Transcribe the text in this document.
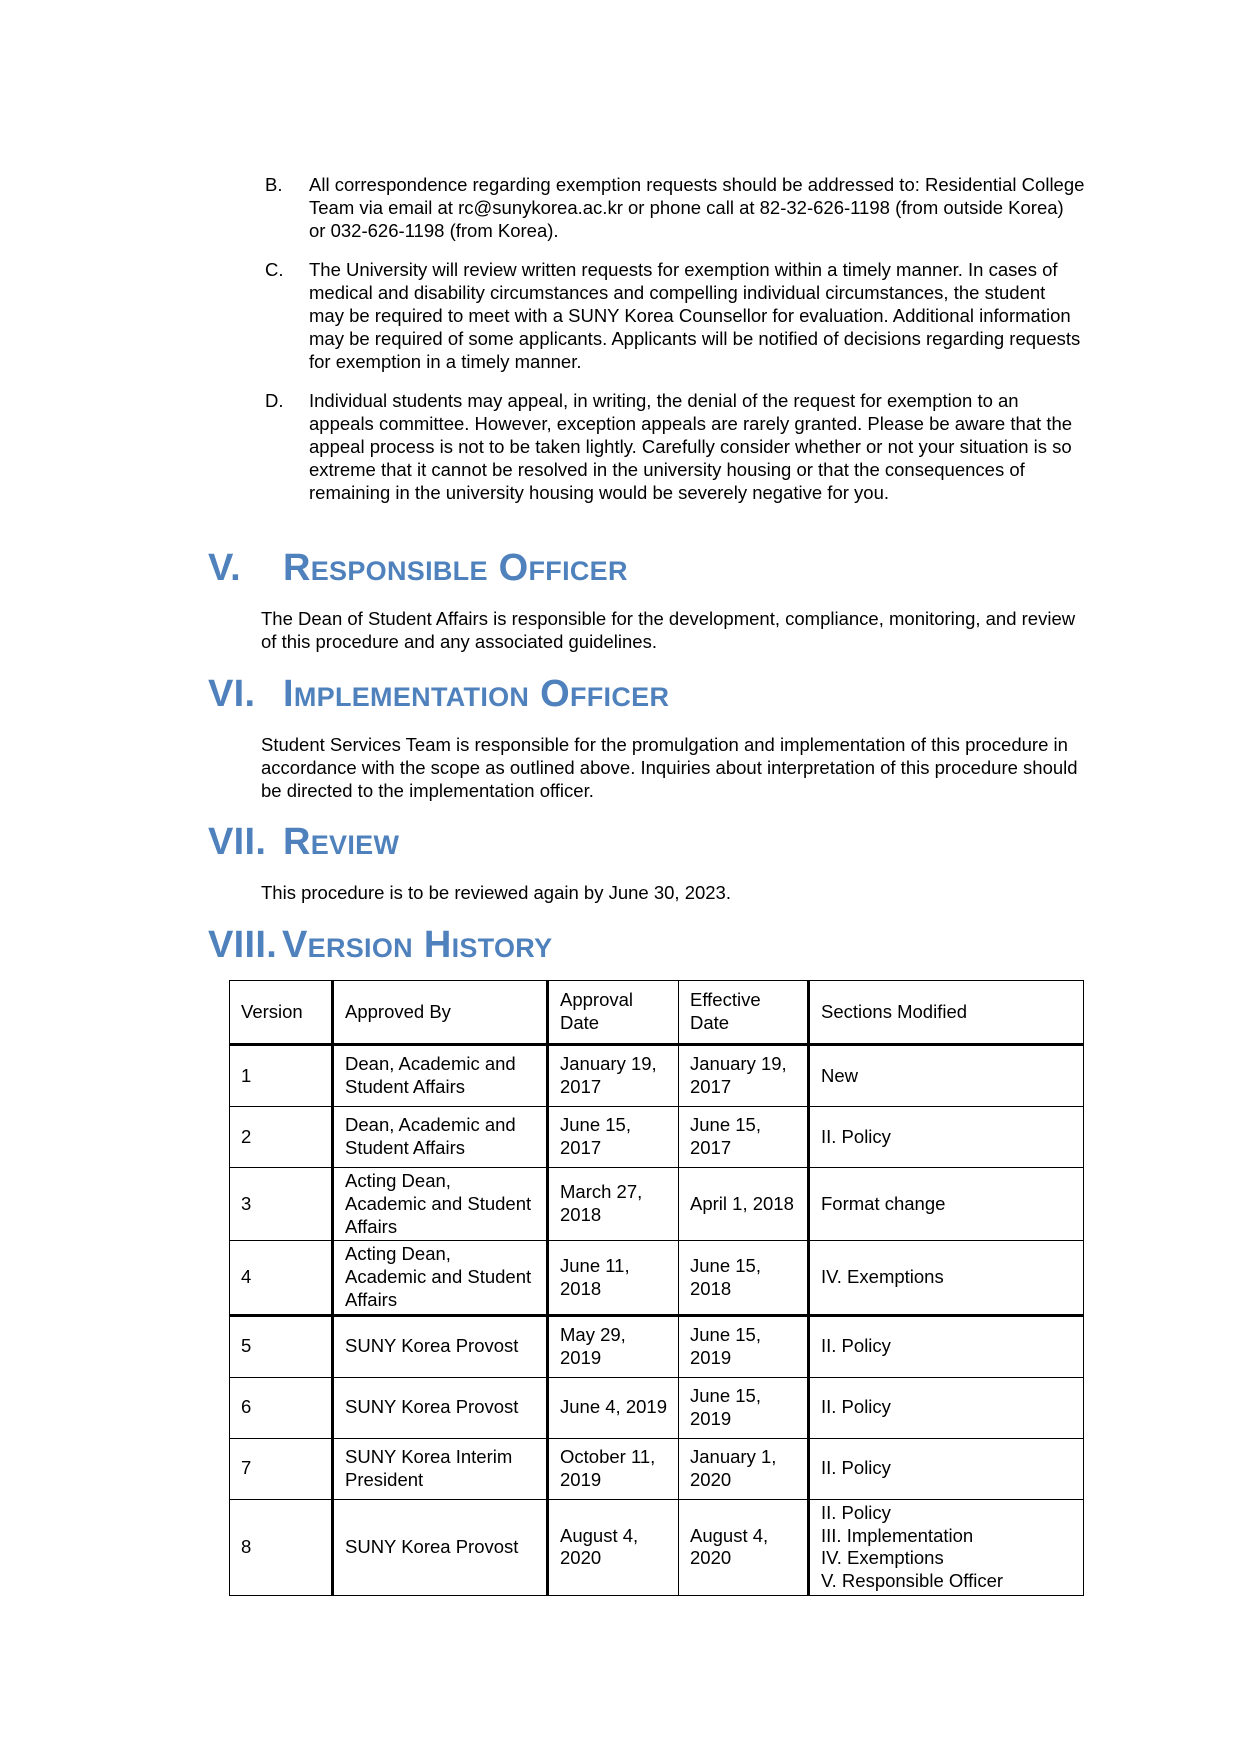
B. All correspondence regarding exemption requests should be addressed to: Residential College Team via email at rc@sunykorea.ac.kr or phone call at 82-32-626-1198 (from outside Korea) or 032-626-1198 (from Korea).
C. The University will review written requests for exemption within a timely manner. In cases of medical and disability circumstances and compelling individual circumstances, the student may be required to meet with a SUNY Korea Counsellor for evaluation. Additional information may be required of some applicants. Applicants will be notified of decisions regarding requests for exemption in a timely manner.
D. Individual students may appeal, in writing, the denial of the request for exemption to an appeals committee. However, exception appeals are rarely granted. Please be aware that the appeal process is not to be taken lightly. Carefully consider whether or not your situation is so extreme that it cannot be resolved in the university housing or that the consequences of remaining in the university housing would be severely negative for you.
V. Responsible Officer

The Dean of Student Affairs is responsible for the development, compliance, monitoring, and review of this procedure and any associated guidelines.

VI. Implementation Officer

Student Services Team is responsible for the promulgation and implementation of this procedure in accordance with the scope as outlined above. Inquiries about interpretation of this procedure should be directed to the implementation officer.

VII. Review

This procedure is to be reviewed again by June 30, 2023.

VIII. Version History
Version	Approved By	Approval Date	Effective Date	Sections Modified
1	Dean, Academic and Student Affairs	January 19, 2017	January 19, 2017	New
2	Dean, Academic and Student Affairs	June 15, 2017	June 15, 2017	II. Policy
3	Acting Dean, Academic and Student Affairs	March 27, 2018	April 1, 2018	Format change
4	Acting Dean, Academic and Student Affairs	June 11, 2018	June 15, 2018	IV. Exemptions
5	SUNY Korea Provost	May 29, 2019	June 15, 2019	II. Policy
6	SUNY Korea Provost	June 4, 2019	June 15, 2019	II. Policy
7	SUNY Korea Interim President	October 11, 2019	January 1, 2020	II. Policy
8	SUNY Korea Provost	August 4, 2020	August 4, 2020	II. Policy
III. Implementation
IV. Exemptions
V. Responsible Officer
